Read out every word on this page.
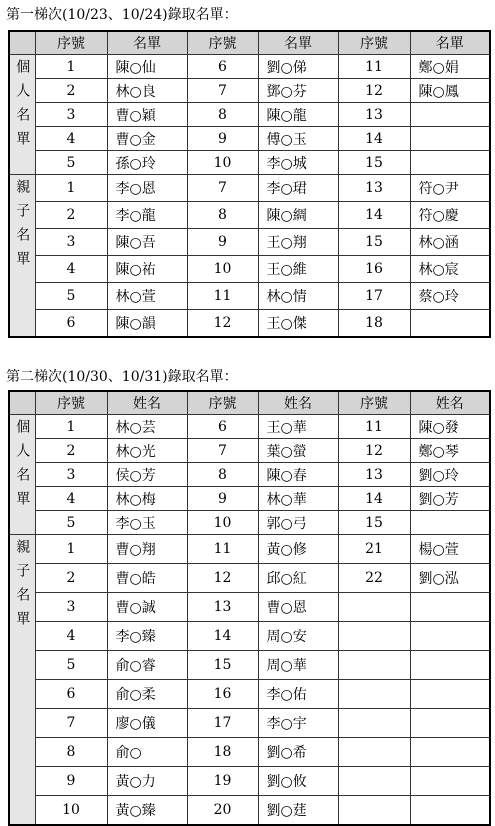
第一梯次(10/23、10/24)錄取名單：
	序號	名單	序號	名單	序號	名單

個人名單	1	陳○仙	6	劉○俤	11	鄭○娟
	2	林○良	7	鄧○芬	12	陳○鳳
	3	曹○穎	8	陳○龍	13	
	4	曹○金	9	傅○玉	14	
	5	孫○玲	10	李○城	15	

親子名單	1	李○恩	7	李○珺	13	符○尹
	2	李○龍	8	陳○綢	14	符○慶
	3	陳○吾	9	王○翔	15	林○涵
	4	陳○祐	10	王○維	16	林○宸
	5	林○萱	11	林○情	17	蔡○玲
	6	陳○韻	12	王○傑	18	
第二梯次(10/30、10/31)錄取名單：
	序號	姓名	序號	姓名	序號	姓名

個人名單	1	林○芸	6	王○華	11	陳○發
	2	林○光	7	葉○螢	12	鄭○琴
	3	侯○芳	8	陳○春	13	劉○玲
	4	林○梅	9	林○華	14	劉○芳
	5	李○玉	10	郭○弓	15	

親子名單	1	曹○翔	11	黃○修	21	楊○萱
	2	曹○皓	12	邱○紅	22	劉○泓
	3	曹○誠	13	曹○恩		
	4	李○臻	14	周○安		
	5	俞○睿	15	周○華		
	6	俞○柔	16	李○佑		
	7	廖○儀	17	李○宇		
	8	俞○	18	劉○希		
	9	黃○力	19	劉○攸		
	10	黃○臻	20	劉○莛		
